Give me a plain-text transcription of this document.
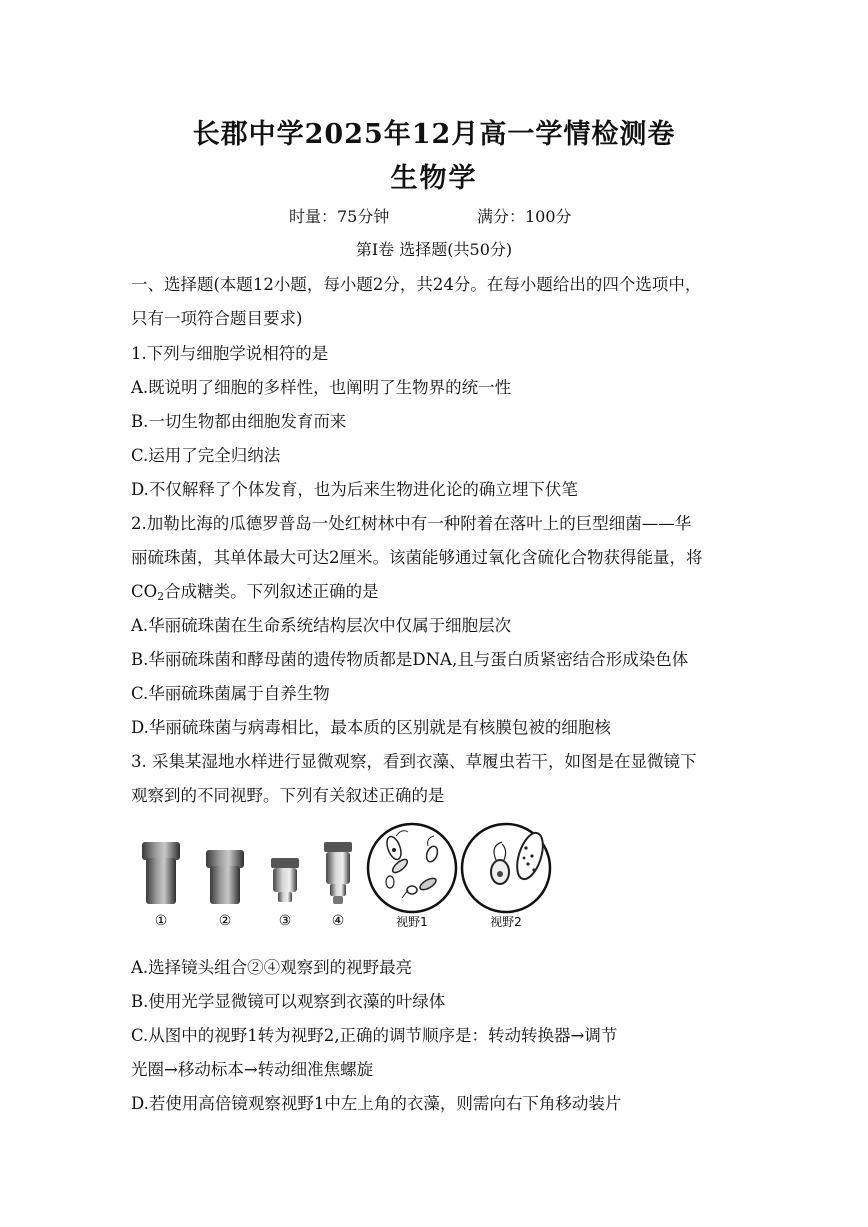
长郡中学2025年12月高一学情检测卷
生物学
时量：75分钟	满分：100分
第Ⅰ卷 选择题(共50分)
一、选择题(本题12小题，每小题2分，共24分。在每小题给出的四个选项中，
只有一项符合题目要求)
1.下列与细胞学说相符的是
A.既说明了细胞的多样性，也阐明了生物界的统一性
B.一切生物都由细胞发育而来
C.运用了完全归纳法
D.不仅解释了个体发育，也为后来生物进化论的确立埋下伏笔
2.加勒比海的瓜德罗普岛一处红树林中有一种附着在落叶上的巨型细菌——华
丽硫珠菌，其单体最大可达2厘米。该菌能够通过氧化含硫化合物获得能量，将
$CO_2$合成糖类。下列叙述正确的是
A.华丽硫珠菌在生命系统结构层次中仅属于细胞层次
B.华丽硫珠菌和酵母菌的遗传物质都是DNA,且与蛋白质紧密结合形成染色体
C.华丽硫珠菌属于自养生物
D.华丽硫珠菌与病毒相比，最本质的区别就是有核膜包被的细胞核
3. 采集某湿地水样进行显微观察，看到衣藻、草履虫若干，如图是在显微镜下
观察到的不同视野。下列有关叙述正确的是
①	②	③	④	视野1	视野2
A.选择镜头组合②④观察到的视野最亮
B.使用光学显微镜可以观察到衣藻的叶绿体
C.从图中的视野1转为视野2,正确的调节顺序是：转动转换器→调节
光圈→移动标本→转动细准焦螺旋
D.若使用高倍镜观察视野1中左上角的衣藻，则需向右下角移动装片
